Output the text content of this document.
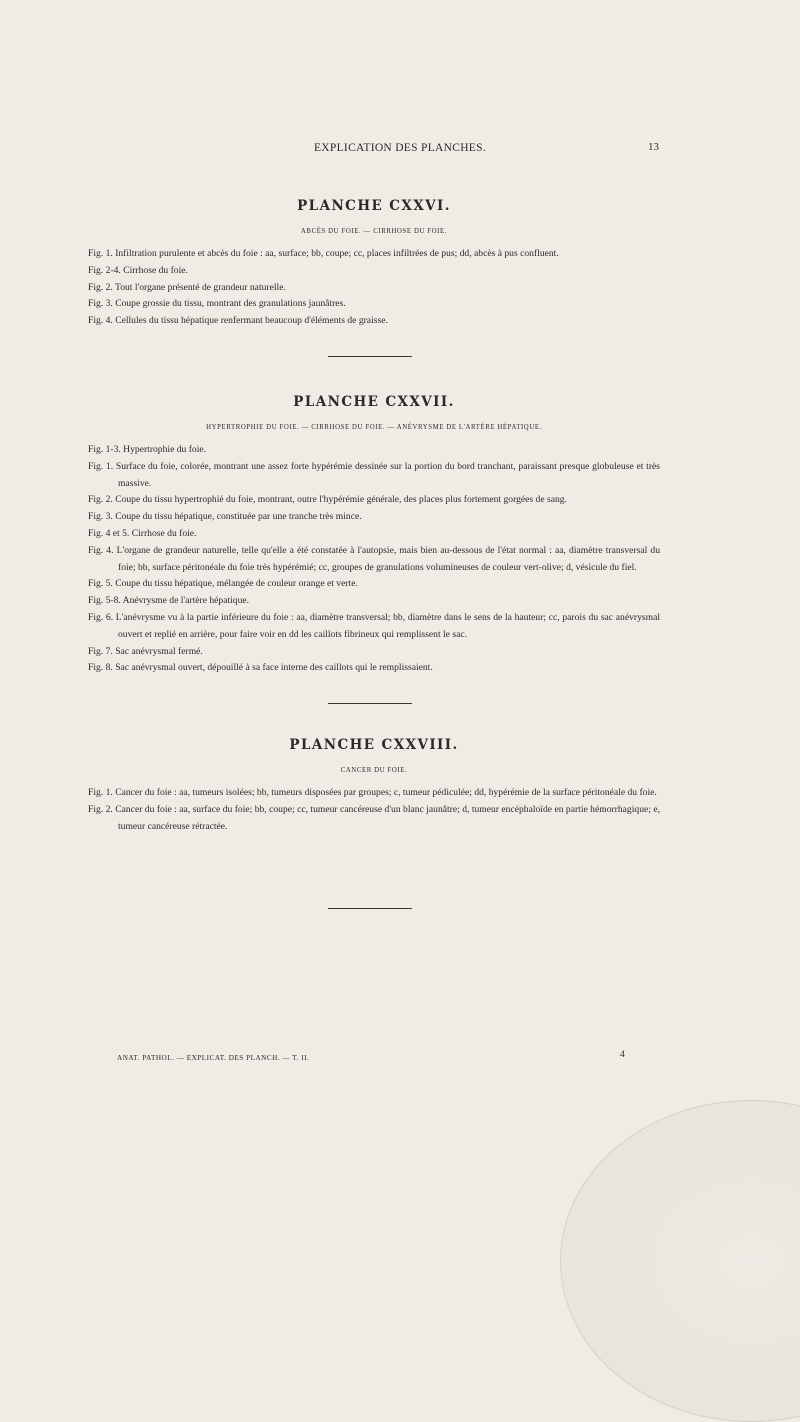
EXPLICATION DES PLANCHES.	13
PLANCHE CXXVI.
ABCÈS DU FOIE. — CIRRHOSE DU FOIE.
Fig. 1. Infiltration purulente et abcès du foie : aa, surface; bb, coupe; cc, places infiltrées de pus; dd, abcès à pus confluent.
Fig. 2-4. Cirrhose du foie.
Fig. 2. Tout l'organe présenté de grandeur naturelle.
Fig. 3. Coupe grossie du tissu, montrant des granulations jaunâtres.
Fig. 4. Cellules du tissu hépatique renfermant beaucoup d'éléments de graisse.
PLANCHE CXXVII.
HYPERTROPHIE DU FOIE. — CIRRHOSE DU FOIE. — ANÉVRYSME DE L'ARTÈRE HÉPATIQUE.
Fig. 1-3. Hypertrophie du foie.
Fig. 1. Surface du foie, colorée, montrant une assez forte hypérémie dessinée sur la portion du bord tranchant, paraissant presque globuleuse et très massive.
Fig. 2. Coupe du tissu hypertrophié du foie, montrant, outre l'hypérémie générale, des places plus fortement gorgées de sang.
Fig. 3. Coupe du tissu hépatique, constituée par une tranche très mince.
Fig. 4 et 5. Cirrhose du foie.
Fig. 4. L'organe de grandeur naturelle, telle qu'elle a été constatée à l'autopsie, mais bien au-dessous de l'état normal : aa, diamètre transversal du foie; bb, surface péritonéale du foie très hypérémié; cc, groupes de granulations volumineuses de couleur vert-olive; d, vésicule du fiel.
Fig. 5. Coupe du tissu hépatique, mélangée de couleur orange et verte.
Fig. 5-8. Anévrysme de l'artère hépatique.
Fig. 6. L'anévrysme vu à la partie inférieure du foie : aa, diamètre transversal; bb, diamètre dans le sens de la hauteur; cc, parois du sac anévrysmal ouvert et replié en arrière, pour faire voir en dd les caillots fibrineux qui remplissent le sac.
Fig. 7. Sac anévrysmal fermé.
Fig. 8. Sac anévrysmal ouvert, dépouillé à sa face interne des caillots qui le remplissaient.
PLANCHE CXXVIII.
CANCER DU FOIE.
Fig. 1. Cancer du foie : aa, tumeurs isolées; bb, tumeurs disposées par groupes; c, tumeur pédiculée; dd, hypérémie de la surface péritonéale du foie.
Fig. 2. Cancer du foie : aa, surface du foie; bb, coupe; cc, tumeur cancéreuse d'un blanc jaunâtre; d, tumeur encéphaloïde en partie hémorrhagique; e, tumeur cancéreuse rétractée.
ANAT. PATHOL. — EXPLICAT. DES PLANCH. — T. II.	4
